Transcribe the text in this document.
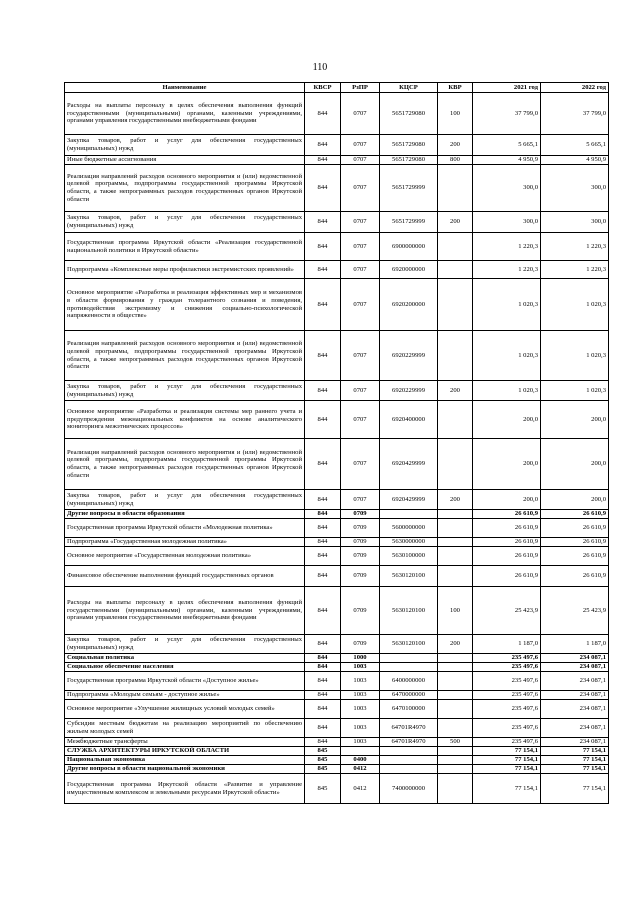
110
Наименование	КВСР	РзПР	КЦСР	КВР	2021 год	2022 год
Расходы на выплаты персоналу в целях обеспечения выполнения функций государственными (муниципальными) органами, казенными учреждениями, органами управления государственными внебюджетными фондами	844	0707	5651729080	100	37 799,0	37 799,0
Закупка товаров, работ и услуг для обеспечения государственных (муниципальных) нужд	844	0707	5651729080	200	5 665,1	5 665,1
Иные бюджетные ассигнования	844	0707	5651729080	800	4 950,9	4 950,9
Реализация направлений расходов основного мероприятия и (или) ведомственной целевой программы, подпрограммы государственной программы Иркутской области, а также непрограммных расходов государственных органов Иркутской области	844	0707	5651729999		300,0	300,0
Закупка товаров, работ и услуг для обеспечения государственных (муниципальных) нужд	844	0707	5651729999	200	300,0	300,0
Государственная программа Иркутской области «Реализация государственной национальной политики в Иркутской области»	844	0707	6900000000		1 220,3	1 220,3
Подпрограмма «Комплексные меры профилактики экстремистских проявлений»	844	0707	6920000000		1 220,3	1 220,3
Основное мероприятие «Разработка и реализация эффективных мер и механизмов в области формирования у граждан толерантного сознания и поведения, противодействия экстремизму и снижения социально-психологической напряженности в обществе»	844	0707	6920200000		1 020,3	1 020,3
Реализация направлений расходов основного мероприятия и (или) ведомственной целевой программы, подпрограммы государственной программы Иркутской области, а также непрограммных расходов государственных органов Иркутской области	844	0707	6920229999		1 020,3	1 020,3
Закупка товаров, работ и услуг для обеспечения государственных (муниципальных) нужд	844	0707	6920229999	200	1 020,3	1 020,3
Основное мероприятие «Разработка и реализация системы мер раннего учета и предупреждения межнациональных конфликтов на основе аналитического мониторинга межэтнических процессов»	844	0707	6920400000		200,0	200,0
Реализация направлений расходов основного мероприятия и (или) ведомственной целевой программы, подпрограммы государственной программы Иркутской области, а также непрограммных расходов государственных органов Иркутской области	844	0707	6920429999		200,0	200,0
Закупка товаров, работ и услуг для обеспечения государственных (муниципальных) нужд	844	0707	6920429999	200	200,0	200,0
Другие вопросы в области образования	844	0709			26 610,9	26 610,9
Государственная программа Иркутской области «Молодежная политика»	844	0709	5600000000		26 610,9	26 610,9
Подпрограмма «Государственная молодежная политика»	844	0709	5630000000		26 610,9	26 610,9
Основное мероприятие «Государственная молодежная политика»	844	0709	5630100000		26 610,9	26 610,9
Финансовое обеспечение выполнения функций государственных органов	844	0709	5630120100		26 610,9	26 610,9
Расходы на выплаты персоналу в целях обеспечения выполнения функций государственными (муниципальными) органами, казенными учреждениями, органами управления государственными внебюджетными фондами	844	0709	5630120100	100	25 423,9	25 423,9
Закупка товаров, работ и услуг для обеспечения государственных (муниципальных) нужд	844	0709	5630120100	200	1 187,0	1 187,0
Социальная политика	844	1000			235 497,6	234 087,1
Социальное обеспечение населения	844	1003			235 497,6	234 087,1
Государственная программа Иркутской области «Доступное жилье»	844	1003	6400000000		235 497,6	234 087,1
Подпрограмма «Молодым семьям - доступное жилье»	844	1003	6470000000		235 497,6	234 087,1
Основное мероприятие «Улучшение жилищных условий молодых семей»	844	1003	6470100000		235 497,6	234 087,1
Субсидии местным бюджетам на реализацию мероприятий по обеспечению жильем молодых семей	844	1003	64701R4970		235 497,6	234 087,1
Межбюджетные трансферты	844	1003	64701R4970	500	235 497,6	234 087,1
СЛУЖБА АРХИТЕКТУРЫ ИРКУТСКОЙ ОБЛАСТИ	845				77 154,1	77 154,1
Национальная экономика	845	0400			77 154,1	77 154,1
Другие вопросы в области национальной экономики	845	0412			77 154,1	77 154,1
Государственная программа Иркутской области «Развитие и управление имущественным комплексом и земельными ресурсами Иркутской области»	845	0412	7400000000		77 154,1	77 154,1
